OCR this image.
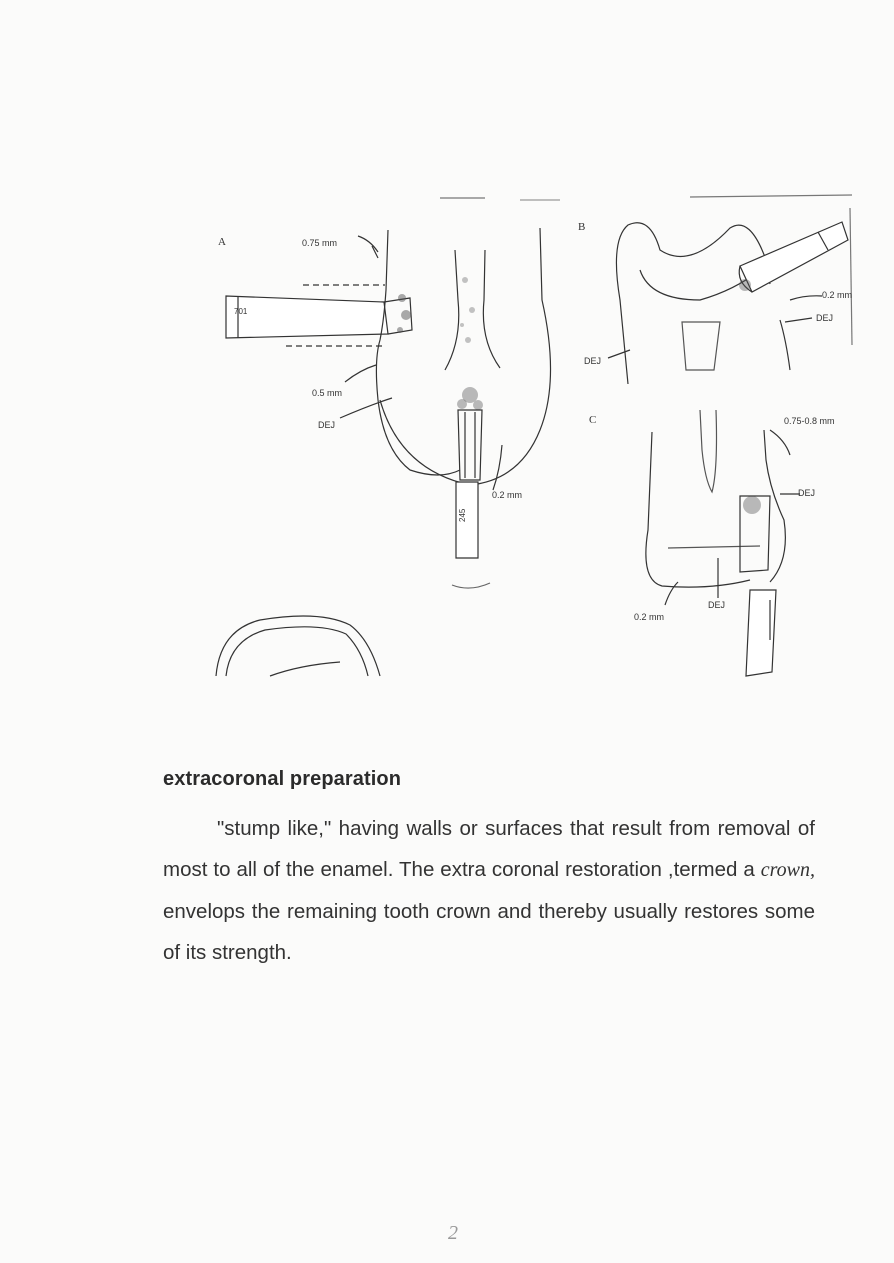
A	0.75 mm
701
0.5 mm
DEJ
0.2 mm
245
B
0.2 mm
DEJ
DEJ
C	0.75-0.8 mm
DEJ
0.2 mm
DEJ
extracoronal preparation

"stump like," having walls or surfaces that result from removal of most to all of the enamel. The extra coronal restoration ,termed a crown, envelops the remaining tooth crown and thereby usually restores some of its strength.

2
